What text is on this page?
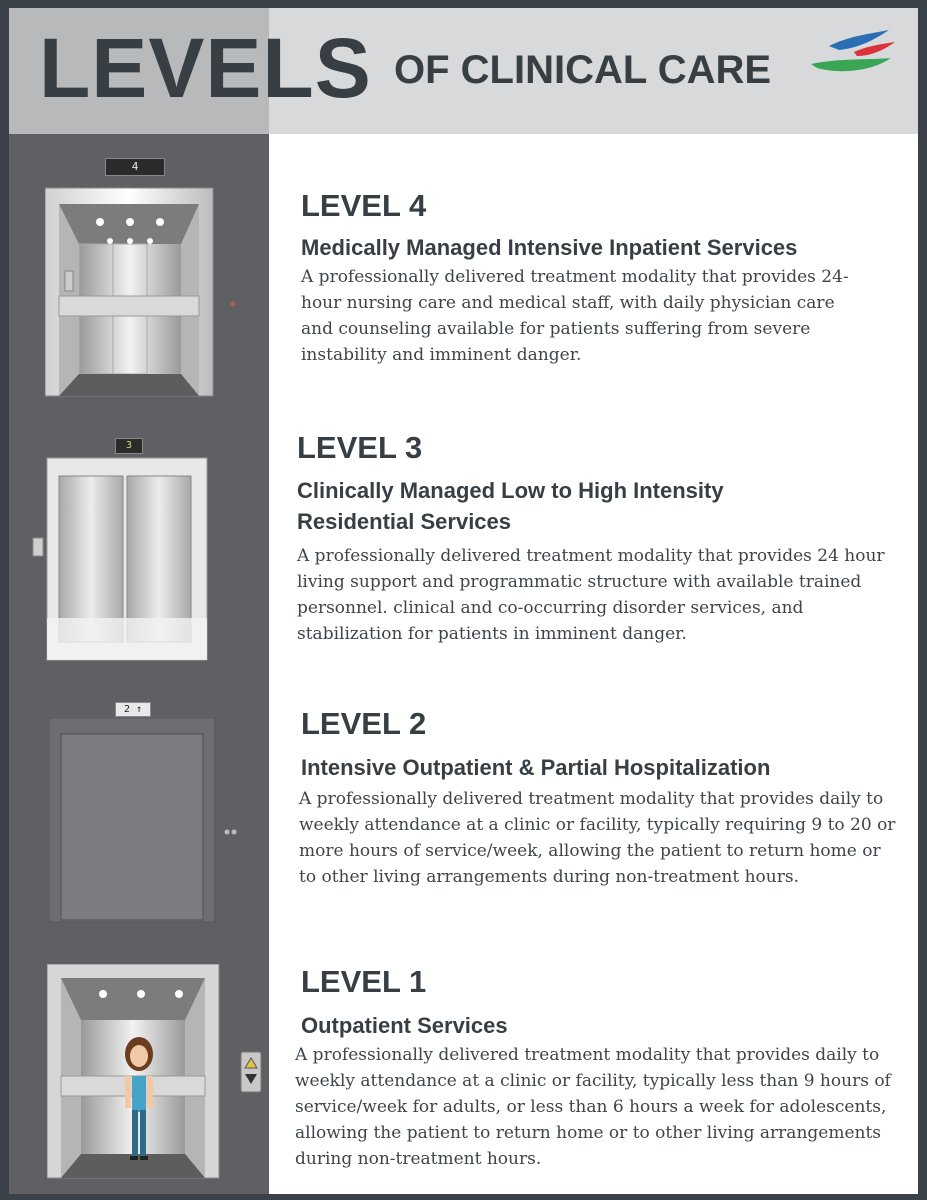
LEVELS OF CLINICAL CARE
4
LEVEL 4
Medically Managed Intensive Inpatient Services
A professionally delivered treatment modality that provides 24-hour nursing care and medical staff, with daily physician care and counseling available for patients suffering from severe instability and imminent danger.
3	LEVEL 3
Clinically Managed Low to High Intensity Residential Services
A professionally delivered treatment modality that provides 24 hour living support and programmatic structure with available trained personnel. clinical and co-occurring disorder services, and stabilization for patients in imminent danger.
2 ↑	LEVEL 2
Intensive Outpatient & Partial Hospitalization
A professionally delivered treatment modality that provides daily to weekly attendance at a clinic or facility, typically requiring 9 to 20 or more hours of service/week, allowing the patient to return home or to other living arrangements during non-treatment hours.
LEVEL 1
Outpatient Services
A professionally delivered treatment modality that provides daily to weekly attendance at a clinic or facility, typically less than 9 hours of service/week for adults, or less than 6 hours a week for adolescents, allowing the patient to return home or to other living arrangements during non-treatment hours.
